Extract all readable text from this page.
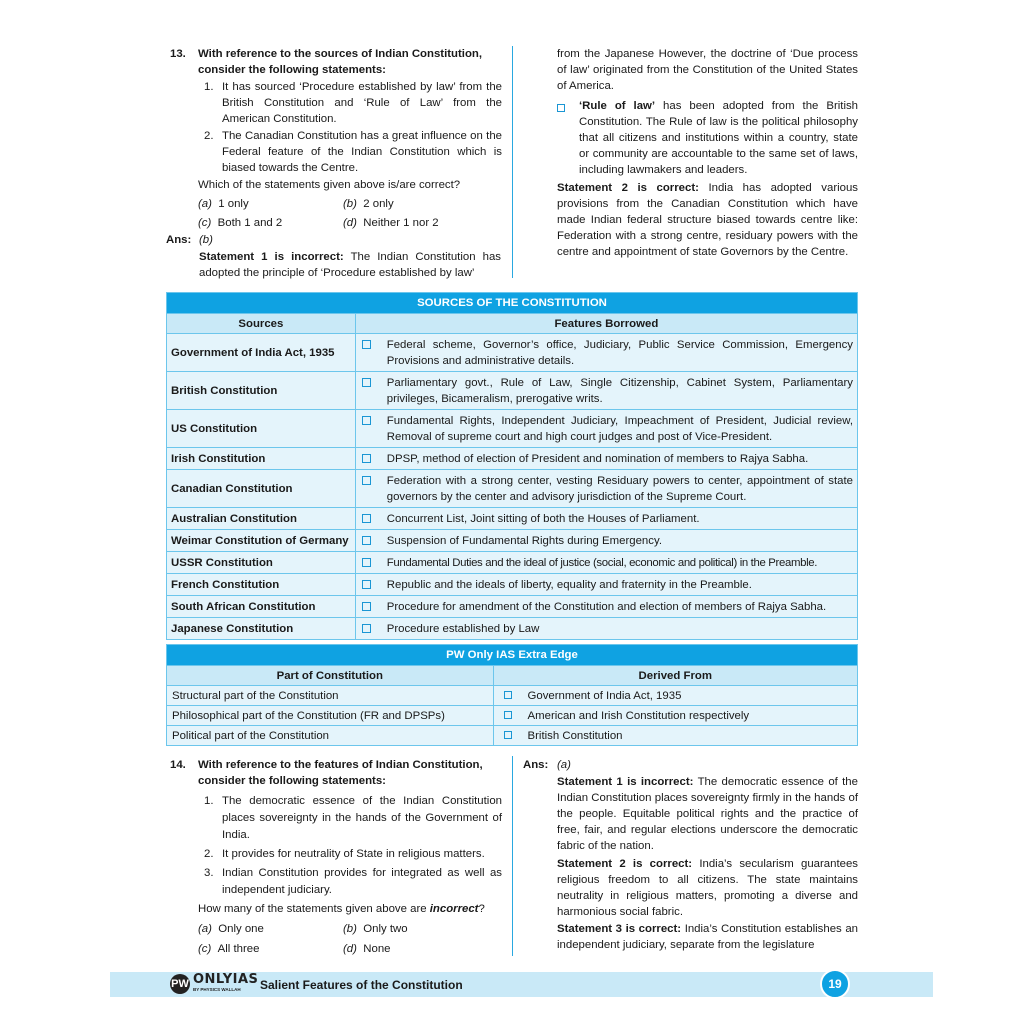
13.	With reference to the sources of Indian Constitution, consider the following statements:
1. It has sourced ‘Procedure established by law’ from the British Constitution and ‘Rule of Law’ from the American Constitution.
2. The Canadian Constitution has a great influence on the Federal feature of the Indian Constitution which is biased towards the Centre.
Which of the statements given above is/are correct?
(a) 1 only	(b) 2 only
(c) Both 1 and 2	(d) Neither 1 nor 2
Ans: (b)
Statement 1 is incorrect: The Indian Constitution has adopted the principle of ‘Procedure established by law’
from the Japanese However, the doctrine of ‘Due process of law’ originated from the Constitution of the United States of America.
‘Rule of law’ has been adopted from the British Constitution. The Rule of law is the political philosophy that all citizens and institutions within a country, state or community are accountable to the same set of laws, including lawmakers and leaders.
Statement 2 is correct: India has adopted various provisions from the Canadian Constitution which have made Indian federal structure biased towards centre like: Federation with a strong centre, residuary powers with the centre and appointment of state Governors by the Centre.
SOURCES OF THE CONSTITUTION	
Sources	Features Borrowed
Government of India Act, 1935	Federal scheme, Governor’s office, Judiciary, Public Service Commission, Emergency Provisions and administrative details.

British Constitution	Parliamentary govt., Rule of Law, Single Citizenship, Cabinet System, Parliamentary privileges, Bicameralism, prerogative writs.

US Constitution	Fundamental Rights, Independent Judiciary, Impeachment of President, Judicial review, Removal of supreme court and high court judges and post of Vice-President.

Irish Constitution	DPSP, method of election of President and nomination of members to Rajya Sabha.

Canadian Constitution	Federation with a strong center, vesting Residuary powers to center, appointment of state governors by the center and advisory jurisdiction of the Supreme Court.

Australian Constitution	Concurrent List, Joint sitting of both the Houses of Parliament.

Weimar Constitution of Germany	Suspension of Fundamental Rights during Emergency.

USSR Constitution	Fundamental Duties and the ideal of justice (social, economic and political) in the Preamble.

French Constitution	Republic and the ideals of liberty, equality and fraternity in the Preamble.

South African Constitution	Procedure for amendment of the Constitution and election of members of Rajya Sabha.

Japanese Constitution	Procedure established by Law
PW Only IAS Extra Edge	
Part of Constitution	Derived From
Structural part of the Constitution	Government of India Act, 1935
Philosophical part of the Constitution (FR and DPSPs)	American and Irish Constitution respectively
Political part of the Constitution	British Constitution
14.	With reference to the features of Indian Constitution, consider the following statements:
1. The democratic essence of the Indian Constitution places sovereignty in the hands of the Government of India.
2. It provides for neutrality of State in religious matters.
3. Indian Constitution provides for integrated as well as independent judiciary.
How many of the statements given above are incorrect?
(a) Only one	(b) Only two
(c) All three	(d) None
Ans: (a)
Statement 1 is incorrect: The democratic essence of the Indian Constitution places sovereignty firmly in the hands of the people. Equitable political rights and the practice of free, fair, and regular elections underscore the democratic fabric of the nation.
Statement 2 is correct: India’s secularism guarantees religious freedom to all citizens. The state maintains neutrality in religious matters, promoting a diverse and harmonious social fabric.
Statement 3 is correct: India’s Constitution establishes an independent judiciary, separate from the legislature
PW ONLYIAS
BY PHYSICS WALLAH Salient Features of the Constitution	19
